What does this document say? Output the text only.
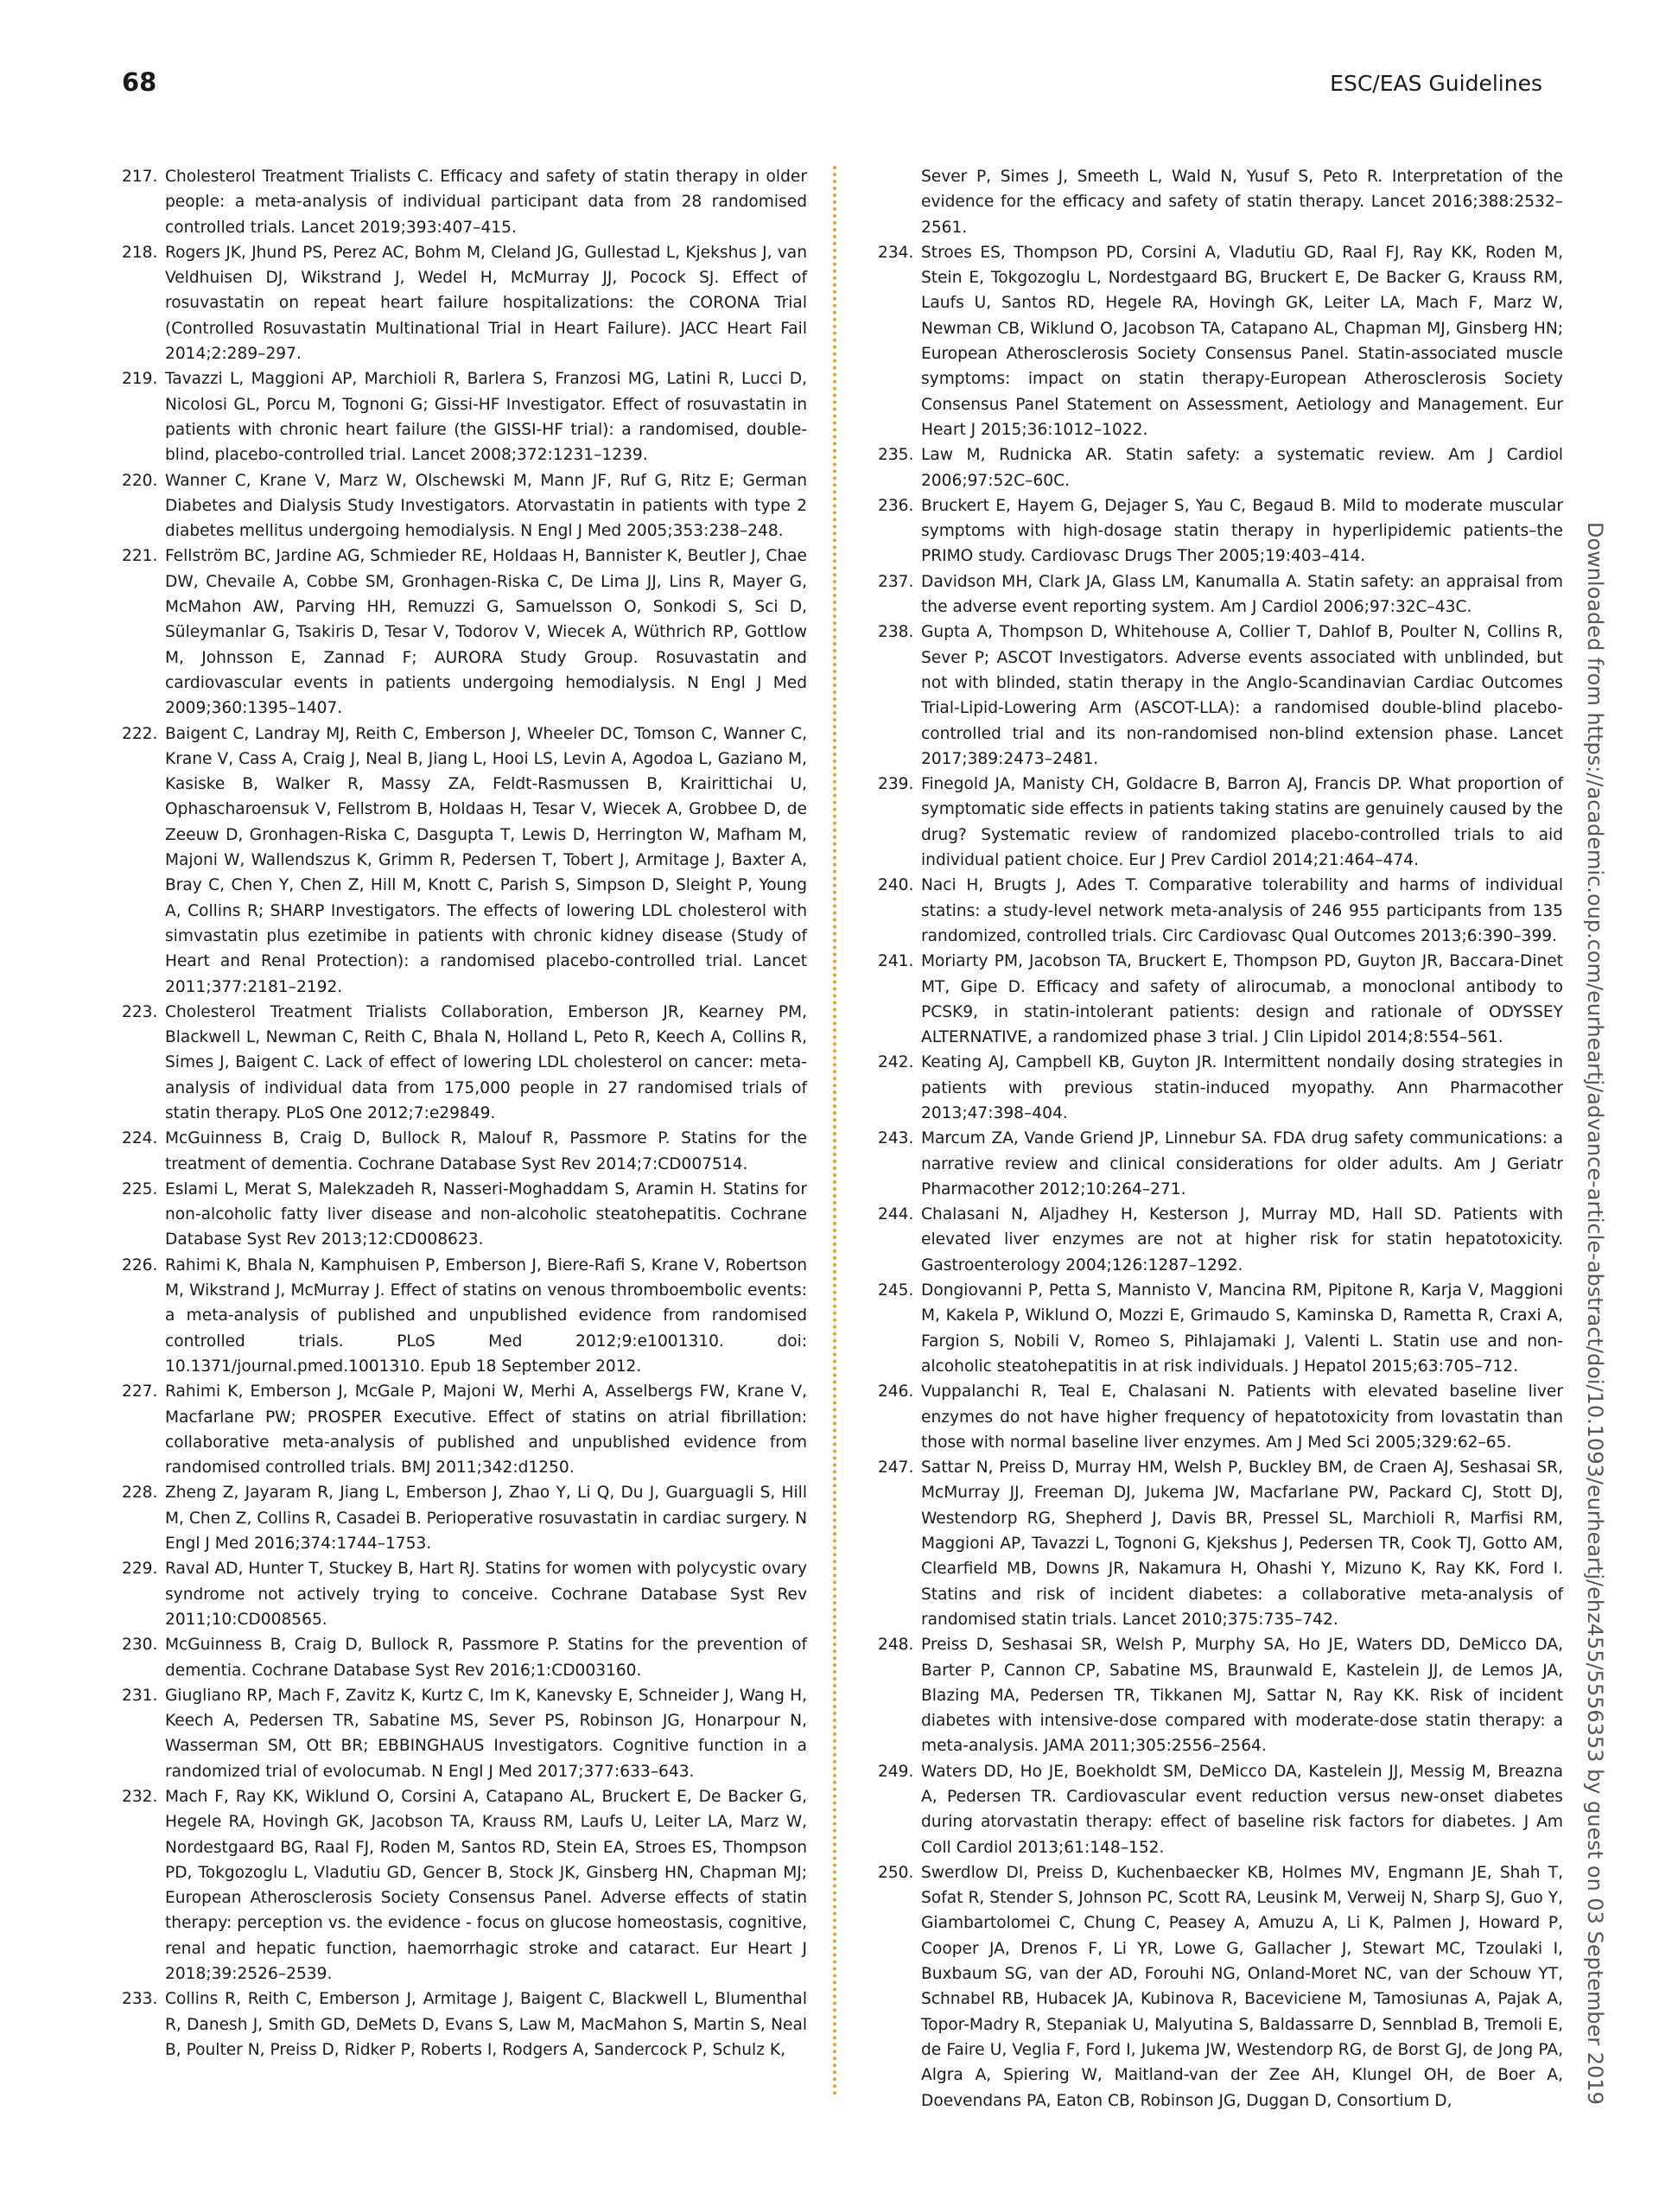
68	ESC/EAS Guidelines
217. Cholesterol Treatment Trialists C. Efficacy and safety of statin therapy in older people: a meta-analysis of individual participant data from 28 randomised controlled trials. Lancet 2019;393:407–415.
218. Rogers JK, Jhund PS, Perez AC, Bohm M, Cleland JG, Gullestad L, Kjekshus J, van Veldhuisen DJ, Wikstrand J, Wedel H, McMurray JJ, Pocock SJ. Effect of rosuvastatin on repeat heart failure hospitalizations: the CORONA Trial (Controlled Rosuvastatin Multinational Trial in Heart Failure). JACC Heart Fail 2014;2:289–297.
219. Tavazzi L, Maggioni AP, Marchioli R, Barlera S, Franzosi MG, Latini R, Lucci D, Nicolosi GL, Porcu M, Tognoni G; Gissi-HF Investigator. Effect of rosuvastatin in patients with chronic heart failure (the GISSI-HF trial): a randomised, double-blind, placebo-controlled trial. Lancet 2008;372:1231–1239.
220. Wanner C, Krane V, Marz W, Olschewski M, Mann JF, Ruf G, Ritz E; German Diabetes and Dialysis Study Investigators. Atorvastatin in patients with type 2 diabetes mellitus undergoing hemodialysis. N Engl J Med 2005;353:238–248.
221. Fellström BC, Jardine AG, Schmieder RE, Holdaas H, Bannister K, Beutler J, Chae DW, Chevaile A, Cobbe SM, Gronhagen-Riska C, De Lima JJ, Lins R, Mayer G, McMahon AW, Parving HH, Remuzzi G, Samuelsson O, Sonkodi S, Sci D, Süleymanlar G, Tsakiris D, Tesar V, Todorov V, Wiecek A, Wüthrich RP, Gottlow M, Johnsson E, Zannad F; AURORA Study Group. Rosuvastatin and cardiovascular events in patients undergoing hemodialysis. N Engl J Med 2009;360:1395–1407.
222. Baigent C, Landray MJ, Reith C, Emberson J, Wheeler DC, Tomson C, Wanner C, Krane V, Cass A, Craig J, Neal B, Jiang L, Hooi LS, Levin A, Agodoa L, Gaziano M, Kasiske B, Walker R, Massy ZA, Feldt-Rasmussen B, Krairittichai U, Ophascharoensuk V, Fellstrom B, Holdaas H, Tesar V, Wiecek A, Grobbee D, de Zeeuw D, Gronhagen-Riska C, Dasgupta T, Lewis D, Herrington W, Mafham M, Majoni W, Wallendszus K, Grimm R, Pedersen T, Tobert J, Armitage J, Baxter A, Bray C, Chen Y, Chen Z, Hill M, Knott C, Parish S, Simpson D, Sleight P, Young A, Collins R; SHARP Investigators. The effects of lowering LDL cholesterol with simvastatin plus ezetimibe in patients with chronic kidney disease (Study of Heart and Renal Protection): a randomised placebo-controlled trial. Lancet 2011;377:2181–2192.
223. Cholesterol Treatment Trialists Collaboration, Emberson JR, Kearney PM, Blackwell L, Newman C, Reith C, Bhala N, Holland L, Peto R, Keech A, Collins R, Simes J, Baigent C. Lack of effect of lowering LDL cholesterol on cancer: meta-analysis of individual data from 175,000 people in 27 randomised trials of statin therapy. PLoS One 2012;7:e29849.
224. McGuinness B, Craig D, Bullock R, Malouf R, Passmore P. Statins for the treatment of dementia. Cochrane Database Syst Rev 2014;7:CD007514.
225. Eslami L, Merat S, Malekzadeh R, Nasseri-Moghaddam S, Aramin H. Statins for non-alcoholic fatty liver disease and non-alcoholic steatohepatitis. Cochrane Database Syst Rev 2013;12:CD008623.
226. Rahimi K, Bhala N, Kamphuisen P, Emberson J, Biere-Rafi S, Krane V, Robertson M, Wikstrand J, McMurray J. Effect of statins on venous thromboembolic events: a meta-analysis of published and unpublished evidence from randomised controlled trials. PLoS Med 2012;9:e1001310. doi: 10.1371/journal.pmed.1001310. Epub 18 September 2012.
227. Rahimi K, Emberson J, McGale P, Majoni W, Merhi A, Asselbergs FW, Krane V, Macfarlane PW; PROSPER Executive. Effect of statins on atrial fibrillation: collaborative meta-analysis of published and unpublished evidence from randomised controlled trials. BMJ 2011;342:d1250.
228. Zheng Z, Jayaram R, Jiang L, Emberson J, Zhao Y, Li Q, Du J, Guarguagli S, Hill M, Chen Z, Collins R, Casadei B. Perioperative rosuvastatin in cardiac surgery. N Engl J Med 2016;374:1744–1753.
229. Raval AD, Hunter T, Stuckey B, Hart RJ. Statins for women with polycystic ovary syndrome not actively trying to conceive. Cochrane Database Syst Rev 2011;10:CD008565.
230. McGuinness B, Craig D, Bullock R, Passmore P. Statins for the prevention of dementia. Cochrane Database Syst Rev 2016;1:CD003160.
231. Giugliano RP, Mach F, Zavitz K, Kurtz C, Im K, Kanevsky E, Schneider J, Wang H, Keech A, Pedersen TR, Sabatine MS, Sever PS, Robinson JG, Honarpour N, Wasserman SM, Ott BR; EBBINGHAUS Investigators. Cognitive function in a randomized trial of evolocumab. N Engl J Med 2017;377:633–643.
232. Mach F, Ray KK, Wiklund O, Corsini A, Catapano AL, Bruckert E, De Backer G, Hegele RA, Hovingh GK, Jacobson TA, Krauss RM, Laufs U, Leiter LA, Marz W, Nordestgaard BG, Raal FJ, Roden M, Santos RD, Stein EA, Stroes ES, Thompson PD, Tokgozoglu L, Vladutiu GD, Gencer B, Stock JK, Ginsberg HN, Chapman MJ; European Atherosclerosis Society Consensus Panel. Adverse effects of statin therapy: perception vs. the evidence - focus on glucose homeostasis, cognitive, renal and hepatic function, haemorrhagic stroke and cataract. Eur Heart J 2018;39:2526–2539.
233. Collins R, Reith C, Emberson J, Armitage J, Baigent C, Blackwell L, Blumenthal R, Danesh J, Smith GD, DeMets D, Evans S, Law M, MacMahon S, Martin S, Neal B, Poulter N, Preiss D, Ridker P, Roberts I, Rodgers A, Sandercock P, Schulz K,
Sever P, Simes J, Smeeth L, Wald N, Yusuf S, Peto R. Interpretation of the evidence for the efficacy and safety of statin therapy. Lancet 2016;388:2532–2561.
234. Stroes ES, Thompson PD, Corsini A, Vladutiu GD, Raal FJ, Ray KK, Roden M, Stein E, Tokgozoglu L, Nordestgaard BG, Bruckert E, De Backer G, Krauss RM, Laufs U, Santos RD, Hegele RA, Hovingh GK, Leiter LA, Mach F, Marz W, Newman CB, Wiklund O, Jacobson TA, Catapano AL, Chapman MJ, Ginsberg HN; European Atherosclerosis Society Consensus Panel. Statin-associated muscle symptoms: impact on statin therapy-European Atherosclerosis Society Consensus Panel Statement on Assessment, Aetiology and Management. Eur Heart J 2015;36:1012–1022.
235. Law M, Rudnicka AR. Statin safety: a systematic review. Am J Cardiol 2006;97:52C–60C.
236. Bruckert E, Hayem G, Dejager S, Yau C, Begaud B. Mild to moderate muscular symptoms with high-dosage statin therapy in hyperlipidemic patients–the PRIMO study. Cardiovasc Drugs Ther 2005;19:403–414.
237. Davidson MH, Clark JA, Glass LM, Kanumalla A. Statin safety: an appraisal from the adverse event reporting system. Am J Cardiol 2006;97:32C–43C.
238. Gupta A, Thompson D, Whitehouse A, Collier T, Dahlof B, Poulter N, Collins R, Sever P; ASCOT Investigators. Adverse events associated with unblinded, but not with blinded, statin therapy in the Anglo-Scandinavian Cardiac Outcomes Trial-Lipid-Lowering Arm (ASCOT-LLA): a randomised double-blind placebo-controlled trial and its non-randomised non-blind extension phase. Lancet 2017;389:2473–2481.
239. Finegold JA, Manisty CH, Goldacre B, Barron AJ, Francis DP. What proportion of symptomatic side effects in patients taking statins are genuinely caused by the drug? Systematic review of randomized placebo-controlled trials to aid individual patient choice. Eur J Prev Cardiol 2014;21:464–474.
240. Naci H, Brugts J, Ades T. Comparative tolerability and harms of individual statins: a study-level network meta-analysis of 246 955 participants from 135 randomized, controlled trials. Circ Cardiovasc Qual Outcomes 2013;6:390–399.
241. Moriarty PM, Jacobson TA, Bruckert E, Thompson PD, Guyton JR, Baccara-Dinet MT, Gipe D. Efficacy and safety of alirocumab, a monoclonal antibody to PCSK9, in statin-intolerant patients: design and rationale of ODYSSEY ALTERNATIVE, a randomized phase 3 trial. J Clin Lipidol 2014;8:554–561.
242. Keating AJ, Campbell KB, Guyton JR. Intermittent nondaily dosing strategies in patients with previous statin-induced myopathy. Ann Pharmacother 2013;47:398–404.
243. Marcum ZA, Vande Griend JP, Linnebur SA. FDA drug safety communications: a narrative review and clinical considerations for older adults. Am J Geriatr Pharmacother 2012;10:264–271.
244. Chalasani N, Aljadhey H, Kesterson J, Murray MD, Hall SD. Patients with elevated liver enzymes are not at higher risk for statin hepatotoxicity. Gastroenterology 2004;126:1287–1292.
245. Dongiovanni P, Petta S, Mannisto V, Mancina RM, Pipitone R, Karja V, Maggioni M, Kakela P, Wiklund O, Mozzi E, Grimaudo S, Kaminska D, Rametta R, Craxi A, Fargion S, Nobili V, Romeo S, Pihlajamaki J, Valenti L. Statin use and non-alcoholic steatohepatitis in at risk individuals. J Hepatol 2015;63:705–712.
246. Vuppalanchi R, Teal E, Chalasani N. Patients with elevated baseline liver enzymes do not have higher frequency of hepatotoxicity from lovastatin than those with normal baseline liver enzymes. Am J Med Sci 2005;329:62–65.
247. Sattar N, Preiss D, Murray HM, Welsh P, Buckley BM, de Craen AJ, Seshasai SR, McMurray JJ, Freeman DJ, Jukema JW, Macfarlane PW, Packard CJ, Stott DJ, Westendorp RG, Shepherd J, Davis BR, Pressel SL, Marchioli R, Marfisi RM, Maggioni AP, Tavazzi L, Tognoni G, Kjekshus J, Pedersen TR, Cook TJ, Gotto AM, Clearfield MB, Downs JR, Nakamura H, Ohashi Y, Mizuno K, Ray KK, Ford I. Statins and risk of incident diabetes: a collaborative meta-analysis of randomised statin trials. Lancet 2010;375:735–742.
248. Preiss D, Seshasai SR, Welsh P, Murphy SA, Ho JE, Waters DD, DeMicco DA, Barter P, Cannon CP, Sabatine MS, Braunwald E, Kastelein JJ, de Lemos JA, Blazing MA, Pedersen TR, Tikkanen MJ, Sattar N, Ray KK. Risk of incident diabetes with intensive-dose compared with moderate-dose statin therapy: a meta-analysis. JAMA 2011;305:2556–2564.
249. Waters DD, Ho JE, Boekholdt SM, DeMicco DA, Kastelein JJ, Messig M, Breazna A, Pedersen TR. Cardiovascular event reduction versus new-onset diabetes during atorvastatin therapy: effect of baseline risk factors for diabetes. J Am Coll Cardiol 2013;61:148–152.
250. Swerdlow DI, Preiss D, Kuchenbaecker KB, Holmes MV, Engmann JE, Shah T, Sofat R, Stender S, Johnson PC, Scott RA, Leusink M, Verweij N, Sharp SJ, Guo Y, Giambartolomei C, Chung C, Peasey A, Amuzu A, Li K, Palmen J, Howard P, Cooper JA, Drenos F, Li YR, Lowe G, Gallacher J, Stewart MC, Tzoulaki I, Buxbaum SG, van der AD, Forouhi NG, Onland-Moret NC, van der Schouw YT, Schnabel RB, Hubacek JA, Kubinova R, Baceviciene M, Tamosiunas A, Pajak A, Topor-Madry R, Stepaniak U, Malyutina S, Baldassarre D, Sennblad B, Tremoli E, de Faire U, Veglia F, Ford I, Jukema JW, Westendorp RG, de Borst GJ, de Jong PA, Algra A, Spiering W, Maitland-van der Zee AH, Klungel OH, de Boer A, Doevendans PA, Eaton CB, Robinson JG, Duggan D, Consortium D,	Downloaded from https://academic.oup.com/eurheartj/advance-article-abstract/doi/10.1093/eurheartj/ehz455/5556353 by guest on 03 September 2019
